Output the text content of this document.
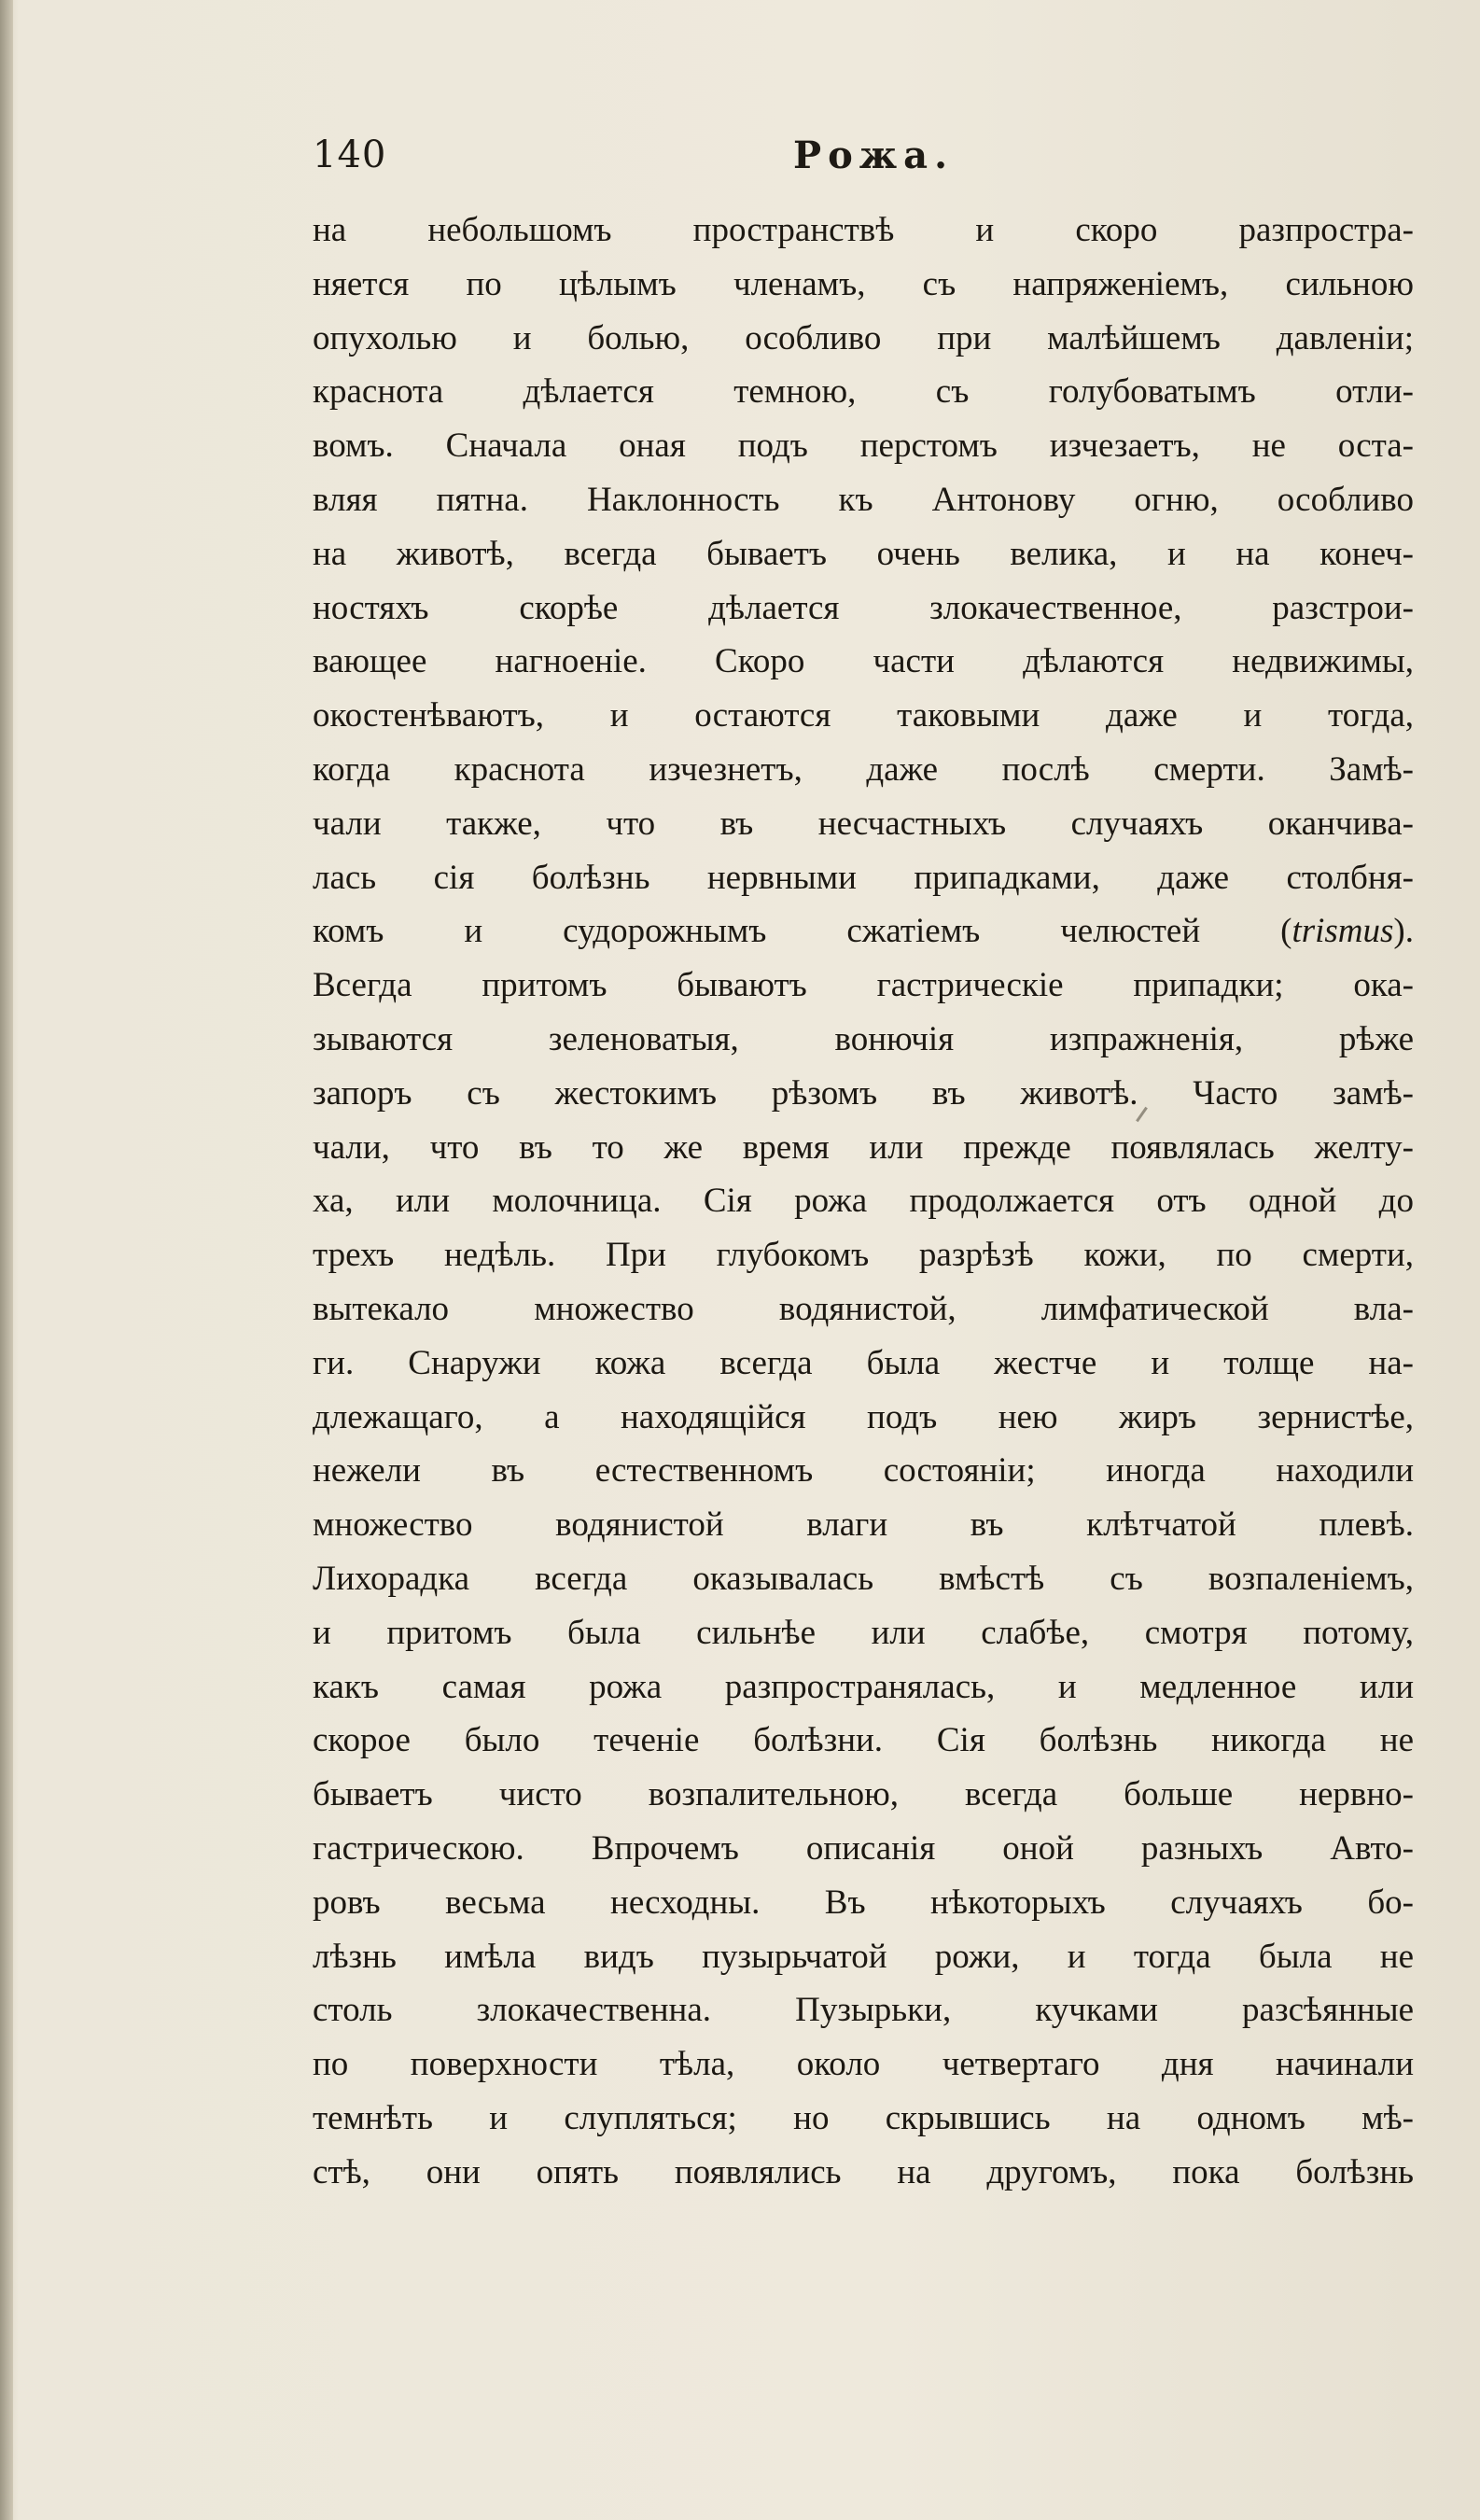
140	Рожа.
на небольшомъ пространствѣ и скоро разпростра-
няется по цѣлымъ членамъ, съ напряженіемъ, сильною
опухолью и болью, особливо при малѣйшемъ давленіи;
краснота дѣлается темною, съ голубоватымъ отли-
вомъ. Сначала оная подъ перстомъ изчезаетъ, не оста-
вляя пятна. Наклонность къ Антонову огню, особливо
на животѣ, всегда бываетъ очень велика, и на конеч-
ностяхъ скорѣе дѣлается злокачественное, разстрои-
вающее нагноеніе. Скоро части дѣлаются недвижимы,
окостенѣваютъ, и остаются таковыми даже и тогда,
когда краснота изчезнетъ, даже послѣ смерти. Замѣ-
чали также, что въ несчастныхъ случаяхъ оканчива-
лась сія болѣзнь нервными припадками, даже столбня-
комъ и судорожнымъ сжатіемъ челюстей (trismus).
Всегда притомъ бываютъ гастрическіе припадки; ока-
зываются зеленоватыя, вонючія изпражненія, рѣже
запоръ съ жестокимъ рѣзомъ въ животѣ. Часто замѣ-
чали, что въ то же время или прежде появлялась желту-
ха, или молочница. Сія рожа продолжается отъ одной до
трехъ недѣль. При глубокомъ разрѣзѣ кожи, по смерти,
вытекало множество водянистой, лимфатической вла-
ги. Снаружи кожа всегда была жестче и толще на-
длежащаго, а находящійся подъ нею жиръ зернистѣе,
нежели въ естественномъ состояніи; иногда находили
множество водянистой влаги въ клѣтчатой плевѣ.
Лихорадка всегда оказывалась вмѣстѣ съ возпаленіемъ,
и притомъ была сильнѣе или слабѣе, смотря потому,
какъ самая рожа разпространялась, и медленное или
скорое было теченіе болѣзни. Сія болѣзнь никогда не
бываетъ чисто возпалительною, всегда больше нервно-
гастрическою. Впрочемъ описанія оной разныхъ Авто-
ровъ весьма несходны. Въ нѣкоторыхъ случаяхъ бо-
лѣзнь имѣла видъ пузырьчатой рожи, и тогда была не
столь злокачественна. Пузырьки, кучками разсѣянные
по поверхности тѣла, около четвертаго дня начинали
темнѣть и слупляться; но скрывшись на одномъ мѣ-
стѣ, они опять появлялись на другомъ, пока болѣзнь
